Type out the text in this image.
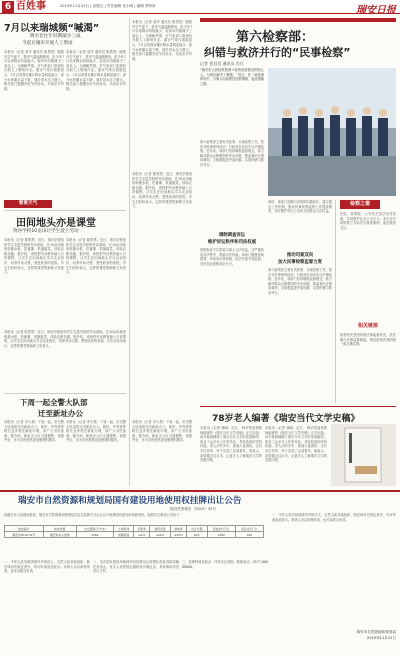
6 百姓事	2019年11月22日 | 星期五 | 责任编辑 张小明 | 编辑 蔡妍妍	瑞安日报
7月以来瑞城频“喊渴”
降水比往年同期减少三成
今起在城市开展人工增雨
本报讯（记者 周华 通讯员 陈思思）随着冷空气南下，我市气温逐渐降低，但今年7月以来降水持续偏少，较常年同期减少三成以上。为缓解旱情，市气象部门将择机开展人工增雨作业。据市气象台数据显示，7月以来我市累计降水量明显偏少，部分水库蓄水量下降，城乡供水压力增大。相关部门提醒市民节约用水，共同应对旱情。
本报讯（记者 周华 通讯员 陈思思）随着冷空气南下，我市气温逐渐降低，但今年7月以来降水持续偏少，较常年同期减少三成以上。为缓解旱情，市气象部门将择机开展人工增雨作业。据市气象台数据显示，7月以来我市累计降水量明显偏少，部分水库蓄水量下降，城乡供水压力增大。相关部门提醒市民节约用水，共同应对旱情。
看看天气
田间地头亦是课堂
荆谷学校10亩田让学生爱上劳动
本报讯（记者 陈思思）近日，荆谷学校组织学生走进学校的劳动基地，在10亩田地里收割水稻、挖番薯、采摘蔬菜，体验农耕乐趣。据介绍，该校把劳动教育融入日常课程，让学生在田间地头学习农业知识，培养劳动习惯，感受收获的喜悦。学生们纷纷表示，这样的课堂既新鲜又有意义。
本报讯（记者 陈思思）近日，荆谷学校组织学生走进学校的劳动基地，在10亩田地里收割水稻、挖番薯、采摘蔬菜，体验农耕乐趣。据介绍，该校把劳动教育融入日常课程，让学生在田间地头学习农业知识，培养劳动习惯，感受收获的喜悦。学生们纷纷表示，这样的课堂既新鲜又有意义。
本报讯（记者 陈思思）近日，荆谷学校组织学生走进学校的劳动基地，在10亩田地里收割水稻、挖番薯、采摘蔬菜，体验农耕乐趣。据介绍，该校把劳动教育融入日常课程，让学生在田间地头学习农业知识，培养劳动习惯，感受收获的喜悦。学生们纷纷表示，这样的课堂既新鲜又有意义。
下周一起全警大队部
迁至新址办公
本报讯（记者 李小燕）下周一起，市交警大队部将迁至新址办公。届时，车驾管等相关业务将在新址办理，请广大市民留意。据介绍，新址办公区交通便利，设施齐全，可为市民提供更加便捷的服务。
本报讯（记者 李小燕）下周一起，市交警大队部将迁至新址办公。届时，车驾管等相关业务将在新址办理，请广大市民留意。据介绍，新址办公区交通便利，设施齐全，可为市民提供更加便捷的服务。
本报讯（记者 周华 通讯员 陈思思）随着冷空气南下，我市气温逐渐降低，但今年7月以来降水持续偏少，较常年同期减少三成以上。为缓解旱情，市气象部门将择机开展人工增雨作业。据市气象台数据显示，7月以来我市累计降水量明显偏少，部分水库蓄水量下降，城乡供水压力增大。相关部门提醒市民节约用水，共同应对旱情。
本报讯（记者 陈思思）近日，荆谷学校组织学生走进学校的劳动基地，在10亩田地里收割水稻、挖番薯、采摘蔬菜，体验农耕乐趣。据介绍，该校把劳动教育融入日常课程，让学生在田间地头学习农业知识，培养劳动习惯，感受收获的喜悦。学生们纷纷表示，这样的课堂既新鲜又有意义。
本报讯（记者 李小燕）下周一起，市交警大队部将迁至新址办公。届时，车驾管等相关业务将在新址办理，请广大市民留意。据介绍，新址办公区交通便利，设施齐全，可为市民提供更加便捷的服务。
第六检察部：
纠错与救济并行的“民事检察”
记者 裴君君 通讯员 肖旦
“瑞安市人民检察院第六检察部是我们的贴心人，为我们解决了难题。”近日，在一起民事纠纷中，当事人向检察官送来锦旗，表达感谢之情。
第六检察部主要负责民事、行政检察工作，依法对民事审判活动、行政诉讼活动实行法律监督。近年来，该部门坚持精准监督理念，着力解决群众反映强烈的突出问题，既监督纠正错误裁判，又积极促进矛盾化解，实现纠错与救济并行。
调制调查诉讼
维护诉讼秩序和司法权威
虚假诉讼不仅损害当事人合法权益，还严重扰乱司法秩序，损害司法权威。该部门聚焦民间借贷、劳动争议等领域，依法开展专项监督，坚决惩治虚假诉讼行为。
同时，该部门加强与法院的沟通协作，建立健全工作机制，推动民事检察监督工作提质增效，切实维护司法公正和人民群众合法权益。
推动司案双向
加大民事检察监督力度
第六检察部主要负责民事、行政检察工作，依法对民事审判活动、行政诉讼活动实行法律监督。近年来，该部门坚持精准监督理念，着力解决群众反映强烈的突出问题，既监督纠正错误裁判，又积极促进矛盾化解，实现纠错与救济并行。
检察之窗
法院、检察院、公安机关依法各司其职，共同维护社会公平正义。本栏目介绍检察工作动态与典型案例，欢迎读者关注。
相关链接
检察机关是国家的法律监督机关，依法履行法律监督职能，保证国家法律的统一和正确实施。
78岁老人编著《瑞安当代文学史稿》
本报讯（记者 林晓）近日，78岁的退休教师编著的《瑞安当代文学史稿》正式出版。该书系统梳理了瑞安当代文学的发展脉络，收录了众多本土作家作品，具有较高的史料价值。老人历时多年，查阅大量资料，走访多位作家，终于完成了这部著作。他表示，希望通过这本书，让更多人了解瑞安文学的发展历程。
本报讯（记者 林晓）近日，78岁的退休教师编著的《瑞安当代文学史稿》正式出版。该书系统梳理了瑞安当代文学的发展脉络，收录了众多本土作家作品，具有较高的史料价值。老人历时多年，查阅大量资料，走访多位作家，终于完成了这部著作。他表示，希望通过这本书，让更多人了解瑞安文学的发展历程。
瑞安市自然资源和规划局国有建设用地使用权挂牌出让公告
瑞自然资规告〔2019〕32号
经瑞安市人民政府批准，瑞安市自然资源和规划局决定以挂牌方式出让以下地块国有建设用地使用权。现将有关事项公告如下：
地块编号	地块位置	出让面积(平方米)	土地用途	容积率	建筑密度	绿地率	出让年限	起始价(万元)	保证金(万元)
瑞安市2019-32号	瑞安市东山街道	2566	商服用地	≤2.0	≤40%	≥20%	40年	1280	260
一、中华人民共和国境内外的法人、自然人和其他组织，除法律另有规定者外，均可申请参加竞买。申请人可以单独申请，也可以联合申请。
二、本次国有建设用地使用权挂牌出让按照价高者得原则确定竞得人。竞买人应按规定缴纳竞买保证金，具体事项详见出让文件。
三、挂牌时间及地点：详见出让须知。联系电话：0577-88888888。
一、中华人民共和国境内外的法人、自然人和其他组织，除法律另有规定者外，均可申请参加竞买。申请人可以单独申请，也可以联合申请。
瑞安市自然资源和规划局
2019年11月22日
